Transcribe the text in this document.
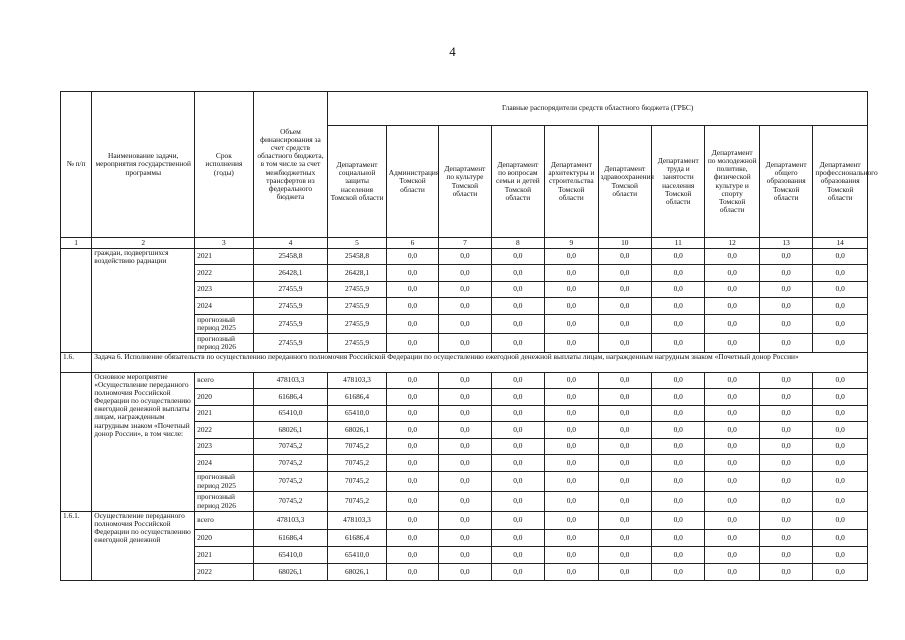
4
№ п/п	Наименование задачи, мероприятия государственной программы	Срок исполнения (годы)	Объем финансирования за счет средств областного бюджета, в том числе за счет межбюджетных трансфертов из федерального бюджета	Главные распорядители средств областного бюджета (ГРБС)									
				Департамент социальной защиты населения Томской области	Администрация Томской области	Департамент по культуре Томской области	Департамент по вопросам семьи и детей Томской области	Департамент архитектуры и строительства Томской области	Департамент здравоохранения Томской области	Департамент труда и занятости населения Томской области	Департамент по молодежной политике, физической культуре и спорту Томской области	Департамент общего образования Томской области	Департамент профессионального образования Томской области
1	2	3	4	5	6	7	8	9	10	11	12	13	14
	граждан, подвергшихся воздействию радиации	2021	25458,8	25458,8	0,0	0,0	0,0	0,0	0,0	0,0	0,0	0,0	0,0
		2022	26428,1	26428,1	0,0	0,0	0,0	0,0	0,0	0,0	0,0	0,0	0,0
		2023	27455,9	27455,9	0,0	0,0	0,0	0,0	0,0	0,0	0,0	0,0	0,0
		2024	27455,9	27455,9	0,0	0,0	0,0	0,0	0,0	0,0	0,0	0,0	0,0
		прогнозный период 2025	27455,9	27455,9	0,0	0,0	0,0	0,0	0,0	0,0	0,0	0,0	0,0
		прогнозный период 2026	27455,9	27455,9	0,0	0,0	0,0	0,0	0,0	0,0	0,0	0,0	0,0
1.6.	Задача 6. Исполнение обязательств по осуществлению переданного полномочия Российской Федерации по осуществлению ежегодной денежной выплаты лицам, награжденным нагрудным знаком «Почетный донор России»												
	Основное мероприятие «Осуществление переданного полномочия Российской Федерации по осуществлению ежегодной денежной выплаты лицам, награжденным нагрудным знаком «Почетный донор России», в том числе:	всего	478103,3	478103,3	0,0	0,0	0,0	0,0	0,0	0,0	0,0	0,0	0,0
		2020	61686,4	61686,4	0,0	0,0	0,0	0,0	0,0	0,0	0,0	0,0	0,0
		2021	65410,0	65410,0	0,0	0,0	0,0	0,0	0,0	0,0	0,0	0,0	0,0
		2022	68026,1	68026,1	0,0	0,0	0,0	0,0	0,0	0,0	0,0	0,0	0,0
		2023	70745,2	70745,2	0,0	0,0	0,0	0,0	0,0	0,0	0,0	0,0	0,0
		2024	70745,2	70745,2	0,0	0,0	0,0	0,0	0,0	0,0	0,0	0,0	0,0
		прогнозный период 2025	70745,2	70745,2	0,0	0,0	0,0	0,0	0,0	0,0	0,0	0,0	0,0
		прогнозный период 2026	70745,2	70745,2	0,0	0,0	0,0	0,0	0,0	0,0	0,0	0,0	0,0
1.6.1.	Осуществление переданного полномочия Российской Федерации по осуществлению ежегодной денежной	всего	478103,3	478103,3	0,0	0,0	0,0	0,0	0,0	0,0	0,0	0,0	0,0
		2020	61686,4	61686,4	0,0	0,0	0,0	0,0	0,0	0,0	0,0	0,0	0,0
		2021	65410,0	65410,0	0,0	0,0	0,0	0,0	0,0	0,0	0,0	0,0	0,0
		2022	68026,1	68026,1	0,0	0,0	0,0	0,0	0,0	0,0	0,0	0,0	0,0
